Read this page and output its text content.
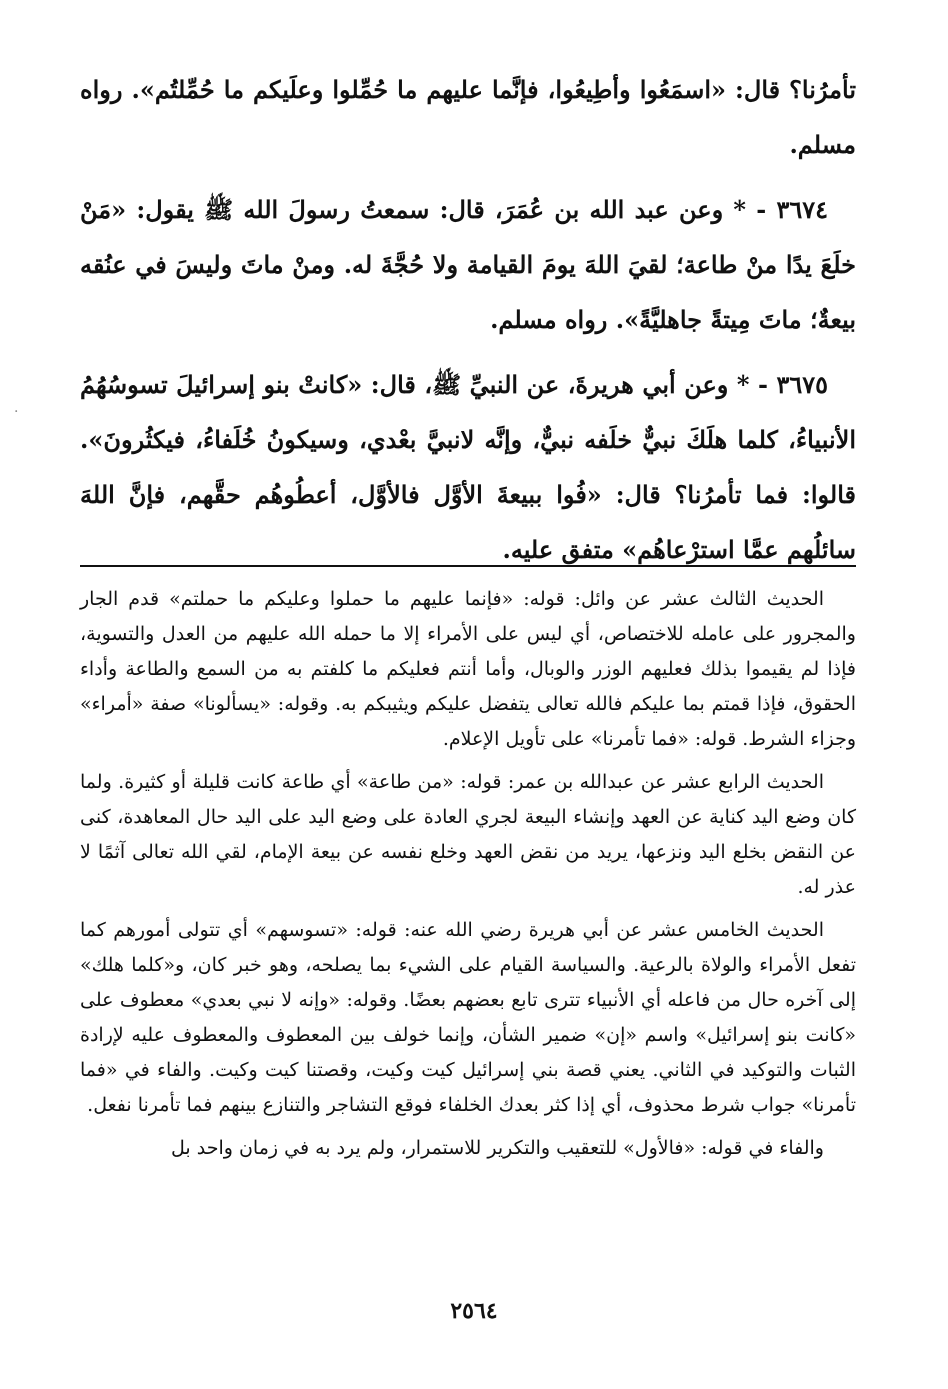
تأمرُنا؟ قال: «اسمَعُوا وأطِيعُوا، فإنَّما عليهم ما حُمِّلوا وعلَيكم ما حُمِّلتُم». رواه مسلم.

٣٦٧٤ - * وعن عبد الله بن عُمَرَ، قال: سمعتُ رسولَ الله ﷺ يقول: «مَنْ خلَعَ يدًا منْ طاعة؛ لقيَ اللهَ يومَ القيامة ولا حُجَّةَ له. ومنْ ماتَ وليسَ في عنُقه بيعةٌ؛ ماتَ مِيتةً جاهليَّةً». رواه مسلم.

٣٦٧٥ - * وعن أبي هريرةَ، عن النبيِّ ﷺ، قال: «كانتْ بنو إسرائيلَ تسوسُهُمُ الأنبياءُ، كلما هلَكَ نبيٌّ خلَفه نبيٌّ، وإنَّه لانبيَّ بعْدي، وسيكونُ خُلَفاءُ، فيكثُرونَ». قالوا: فما تأمرُنا؟ قال: «فُوا ببيعةَ الأوَّل فالأوَّل، أعطُوهُم حقَّهم، فإنَّ اللهَ سائلُهم عمَّا استرْعاهُم» متفق عليه.

الحديث الثالث عشر عن وائل: قوله: «فإنما عليهم ما حملوا وعليكم ما حملتم» قدم الجار والمجرور على عامله للاختصاص، أي ليس على الأمراء إلا ما حمله الله عليهم من العدل والتسوية، فإذا لم يقيموا بذلك فعليهم الوزر والوبال، وأما أنتم فعليكم ما كلفتم به من السمع والطاعة وأداء الحقوق، فإذا قمتم بما عليكم فالله تعالى يتفضل عليكم ويثيبكم به. وقوله: «يسألونا» صفة «أمراء» وجزاء الشرط. قوله: «فما تأمرنا» على تأويل الإعلام.

الحديث الرابع عشر عن عبدالله بن عمر: قوله: «من طاعة» أي طاعة كانت قليلة أو كثيرة. ولما كان وضع اليد كناية عن العهد وإنشاء البيعة لجري العادة على وضع اليد على اليد حال المعاهدة، كنى عن النقض بخلع اليد ونزعها، يريد من نقض العهد وخلع نفسه عن بيعة الإمام، لقي الله تعالى آثمًا لا عذر له.

الحديث الخامس عشر عن أبي هريرة رضي الله عنه: قوله: «تسوسهم» أي تتولى أمورهم كما تفعل الأمراء والولاة بالرعية. والسياسة القيام على الشيء بما يصلحه، وهو خبر كان، و«كلما هلك» إلى آخره حال من فاعله أي الأنبياء تترى تابع بعضهم بعضًا. وقوله: «وإنه لا نبي بعدي» معطوف على «كانت بنو إسرائيل» واسم «إن» ضمير الشأن، وإنما خولف بين المعطوف والمعطوف عليه لإرادة الثبات والتوكيد في الثاني. يعني قصة بني إسرائيل كيت وكيت، وقصتنا كيت وكيت. والفاء في «فما تأمرنا» جواب شرط محذوف، أي إذا كثر بعدك الخلفاء فوقع التشاجر والتنازع بينهم فما تأمرنا نفعل.

والفاء في قوله: «فالأول» للتعقيب والتكرير للاستمرار، ولم يرد به في زمان واحد بل

٢٥٦٤
·
